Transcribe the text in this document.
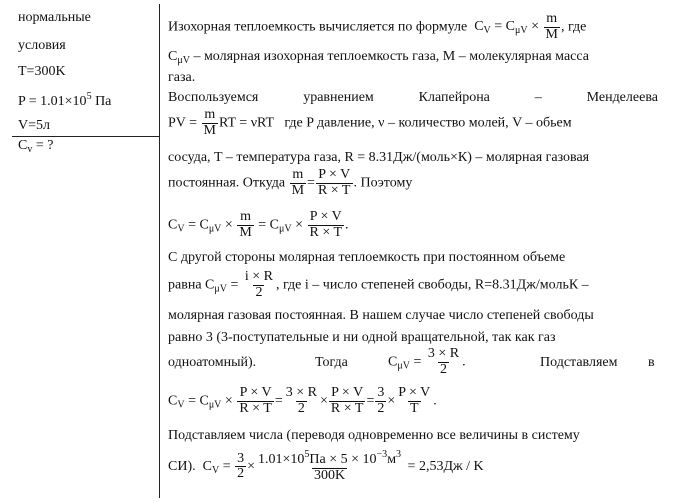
нормальные
условия
T=300K
$P = 1.01\times 10^5$ Па
V=5л
$C_v$ = ?
Изохорная теплоемкость вычисляется по формуле $C_V = C_{\mu V} \times \frac{m}{M}$ , где
$C_{\mu V}$ – молярная изохорная теплоемкость газа, M – молекулярная масса
газа.
Воспользуемся	уравнением	Клапейрона	–	Менделеева
PV = $\frac{m}{M}$ RT = νRT где P давление, ν – количество молей, V – обьем
сосуда, T – температура газа, R = 8.31Дж/(моль×К) – молярная газовая
постоянная. Откуда $\frac{m}{M} = \frac{P \times V}{R \times T}$ . Поэтому
$C_V = C_{\mu V} \times \frac{m}{M} = C_{\mu V} \times \frac{P \times V}{R \times T}$ .
С другой стороны молярная теплоемкость при постоянном объеме
равна $C_{\mu V} = \frac{i \times R}{2}$ , где i – число степеней свободы, R=8.31Дж/мольК –
молярная газовая постоянная. В нашем случае число степеней свободы
равно 3 (3-поступательные и ни одной вращательной, так как газ
одноатомный).	Тогда	$C_{\mu V} = \frac{3 \times R}{2}$ .	Подставляем в
$C_V = C_{\mu V} \times \frac{P \times V}{R \times T} = \frac{3 \times R}{2} \times \frac{P \times V}{R \times T} = \frac{3}{2} \times \frac{P \times V}{T}$ .
Подставляем числа (переводя одновременно все величины в систему
СИ). $C_V = \frac{3}{2} \times \frac{1.01\times 10^5Па \times 5 \times 10^{-3}м^3}{300K} = 2,53Дж / K$
